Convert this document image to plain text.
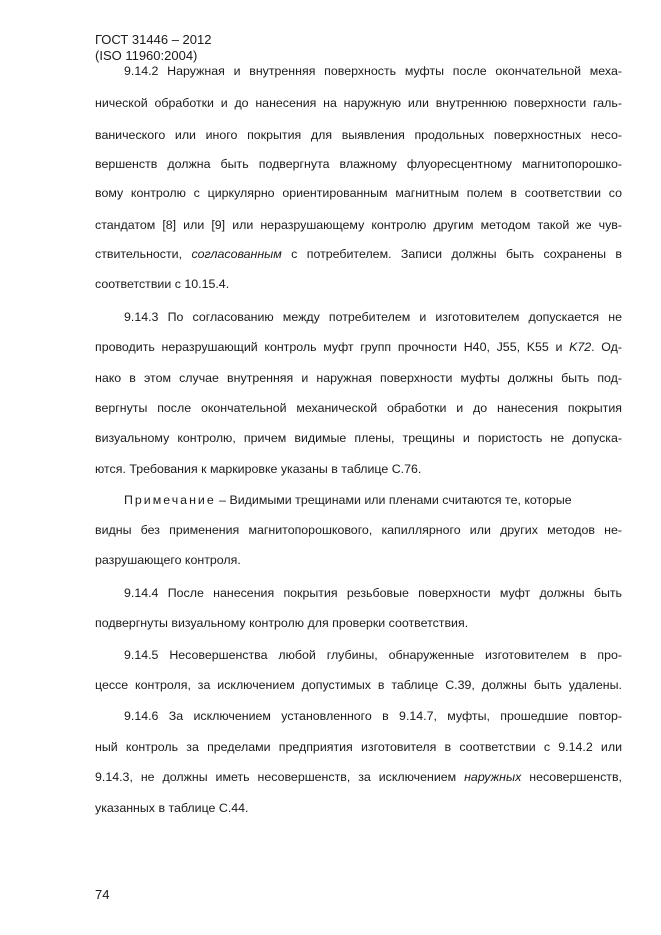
ГОСТ 31446 – 2012
(ISO 11960:2004)
9.14.2 Наружная и внутренняя поверхность муфты после окончательной меха-
нической обработки и до нанесения на наружную или внутреннюю поверхности галь-
ванического или иного покрытия для выявления продольных поверхностных несо-
вершенств должна быть подвергнута влажному флуоресцентному магнитопорошко-
вому контролю с циркулярно ориентированным магнитным полем в соответствии со
стандатом [8] или [9] или неразрушающему контролю другим методом такой же чув-
ствительности, согласованным с потребителем. Записи должны быть сохранены в
соответствии с 10.15.4.
9.14.3 По согласованию между потребителем и изготовителем допускается не
проводить неразрушающий контроль муфт групп прочности Н40, J55, K55 и K72. Од-
нако в этом случае внутренняя и наружная поверхности муфты должны быть под-
вергнуты после окончательной механической обработки и до нанесения покрытия
визуальному контролю, причем видимые плены, трещины и пористость не допуска-
ются. Требования к маркировке указаны в таблице С.76.
Примечание – Видимыми трещинами или пленами считаются те, которые
видны без применения магнитопорошкового, капиллярного или других методов не-
разрушающего контроля.
9.14.4 После нанесения покрытия резьбовые поверхности муфт должны быть
подвергнуты визуальному контролю для проверки соответствия.
9.14.5 Несовершенства любой глубины, обнаруженные изготовителем в про-
цессе контроля, за исключением допустимых в таблице С.39, должны быть удалены.
9.14.6 За исключением установленного в 9.14.7, муфты, прошедшие повтор-
ный контроль за пределами предприятия изготовителя в соответствии с 9.14.2 или
9.14.3, не должны иметь несовершенств, за исключением наружных несовершенств,
указанных в таблице С.44.
74
